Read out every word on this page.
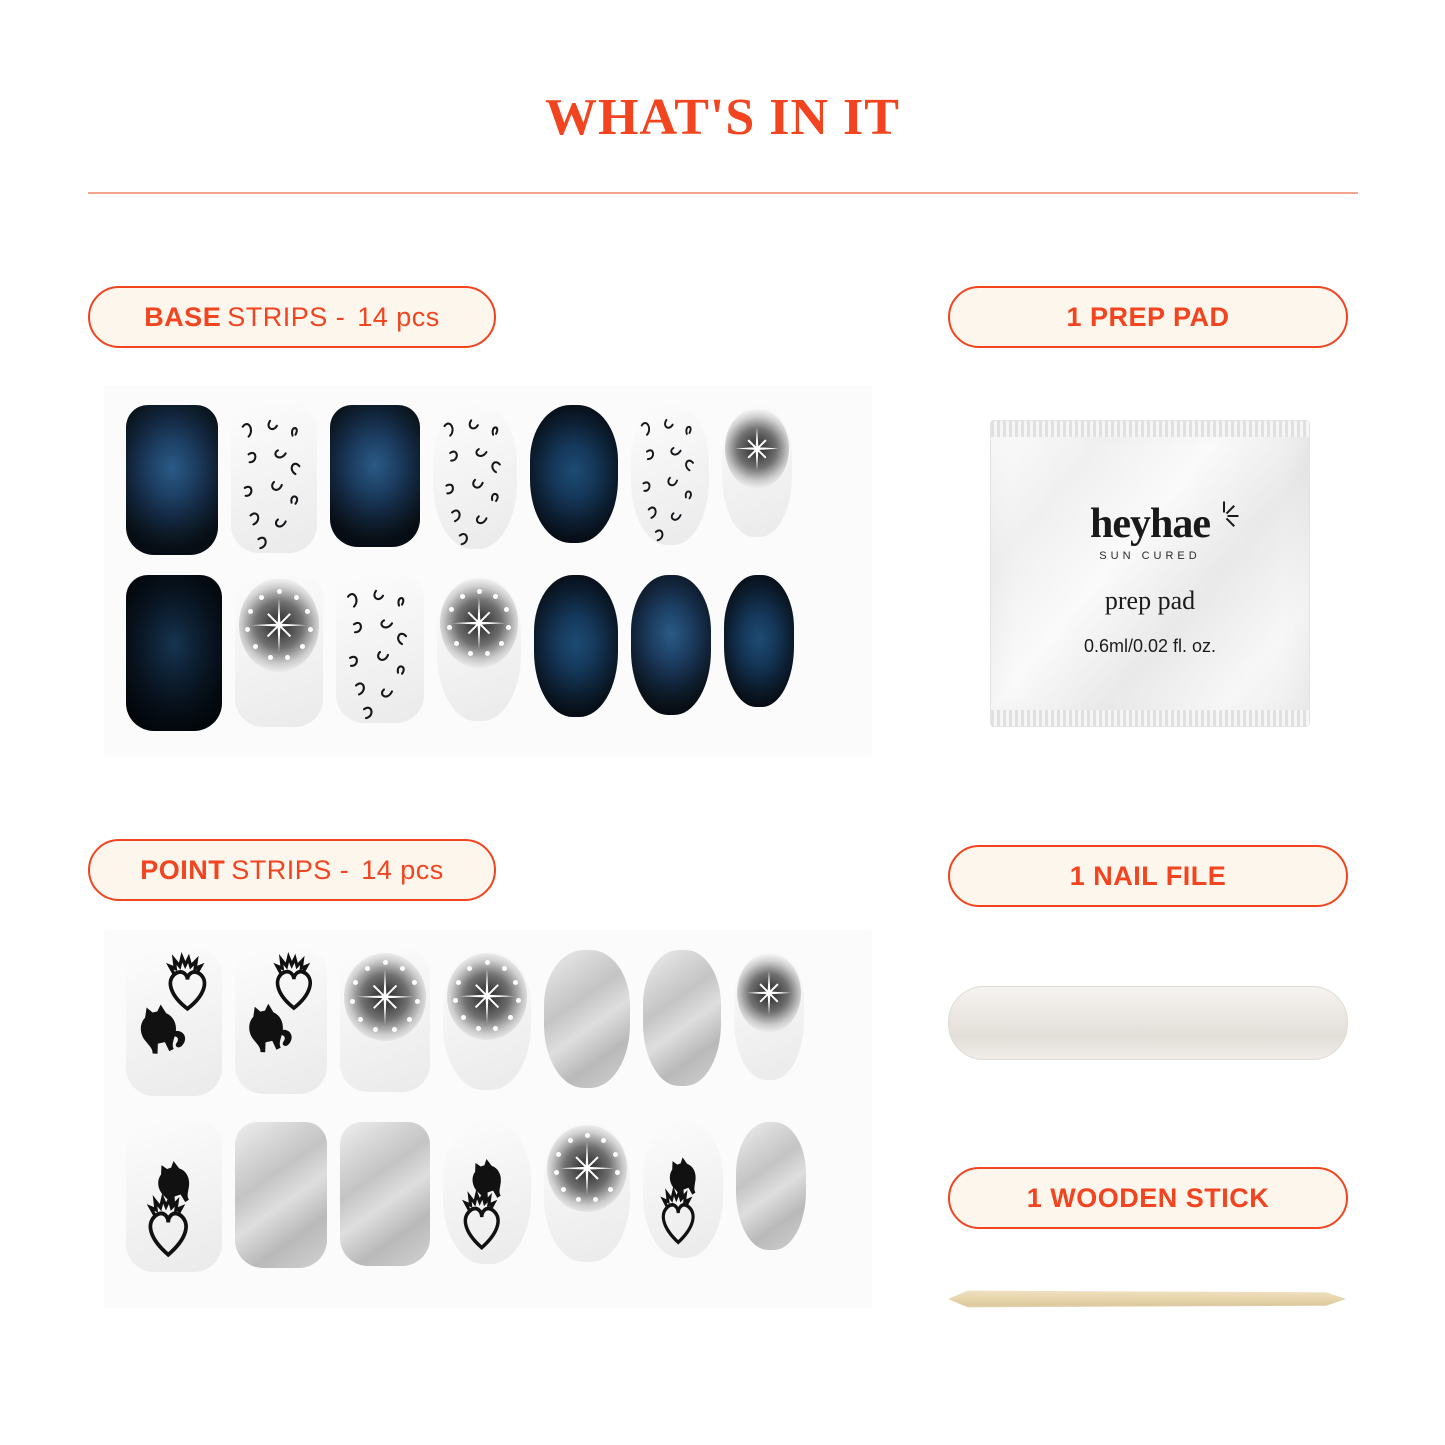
WHAT'S IN IT
BASE STRIPS - 14 pcs
POINT STRIPS - 14 pcs
1 PREP PAD
1 NAIL FILE
1 WOODEN STICK
heyhae
SUN CURED
prep pad
0.6ml/0.02 fl. oz.
